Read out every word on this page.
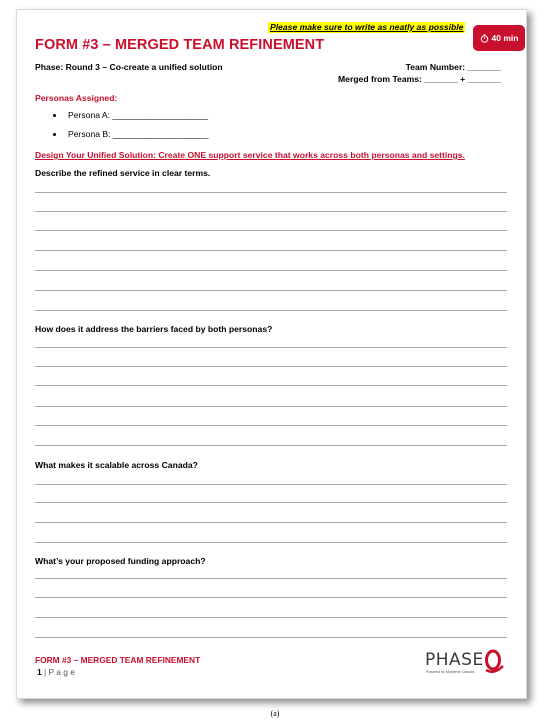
Please make sure to write as neatly as possible
40 min
FORM #3 – MERGED TEAM REFINEMENT
Phase: Round 3 – Co-create a unified solution	Team Number: _______
Merged from Teams: _______ + _______
Personas Assigned:
Persona A: ____________________
Persona B: ____________________
Design Your Unified Solution: Create ONE support service that works across both personas and settings.
Describe the refined service in clear terms.
How does it address the barriers faced by both personas?
What makes it scalable across Canada?
What’s your proposed funding approach?
FORM #3 – MERGED TEAM REFINEMENT
1 | P a g e
PHASE
Powered by Mysteme Canada
(a)
